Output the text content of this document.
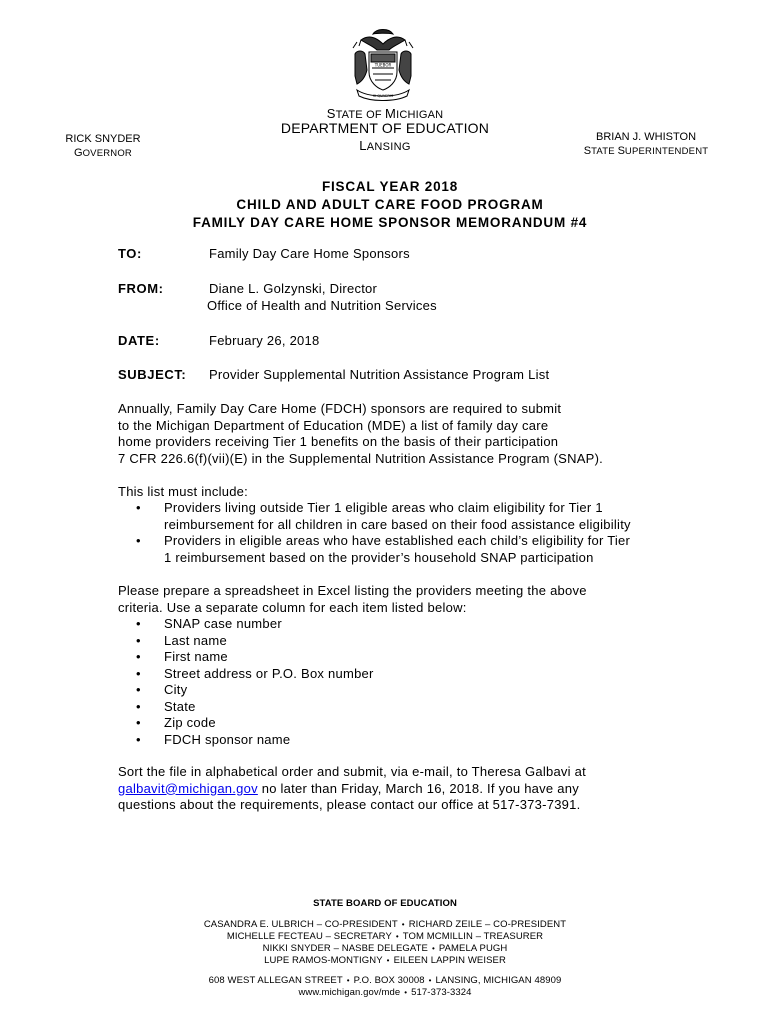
TUEBOR
SI QUAERIS
STATE OF MICHIGAN
DEPARTMENT OF EDUCATION
LANSING
RICK SNYDER
GOVERNOR
BRIAN J. WHISTON
STATE SUPERINTENDENT
FISCAL YEAR 2018
CHILD AND ADULT CARE FOOD PROGRAM
FAMILY DAY CARE HOME SPONSOR MEMORANDUM #4
TO:	Family Day Care Home Sponsors
FROM:	Diane L. Golzynski, Director
Office of Health and Nutrition Services
DATE:	February 26, 2018
SUBJECT: Provider Supplemental Nutrition Assistance Program List
Annually, Family Day Care Home (FDCH) sponsors are required to submit
to the Michigan Department of Education (MDE) a list of family day care
home providers receiving Tier 1 benefits on the basis of their participation
7 CFR 226.6(f)(vii)(E) in the Supplemental Nutrition Assistance Program (SNAP).
This list must include:
• Providers living outside Tier 1 eligible areas who claim eligibility for Tier 1
reimbursement for all children in care based on their food assistance eligibility
• Providers in eligible areas who have established each child’s eligibility for Tier
1 reimbursement based on the provider’s household SNAP participation
Please prepare a spreadsheet in Excel listing the providers meeting the above
criteria. Use a separate column for each item listed below:
• SNAP case number
• Last name
• First name
• Street address or P.O. Box number
• City
• State
• Zip code
• FDCH sponsor name
Sort the file in alphabetical order and submit, via e-mail, to Theresa Galbavi at
galbavit@michigan.gov no later than Friday, March 16, 2018. If you have any
questions about the requirements, please contact our office at 517-373-7391.
STATE BOARD OF EDUCATION
CASANDRA E. ULBRICH – CO-PRESIDENT • RICHARD ZEILE – CO-PRESIDENT
MICHELLE FECTEAU – SECRETARY • TOM MCMILLIN – TREASURER
NIKKI SNYDER – NASBE DELEGATE • PAMELA PUGH
LUPE RAMOS-MONTIGNY • EILEEN LAPPIN WEISER
608 WEST ALLEGAN STREET • P.O. BOX 30008 • LANSING, MICHIGAN 48909
www.michigan.gov/mde • 517-373-3324
